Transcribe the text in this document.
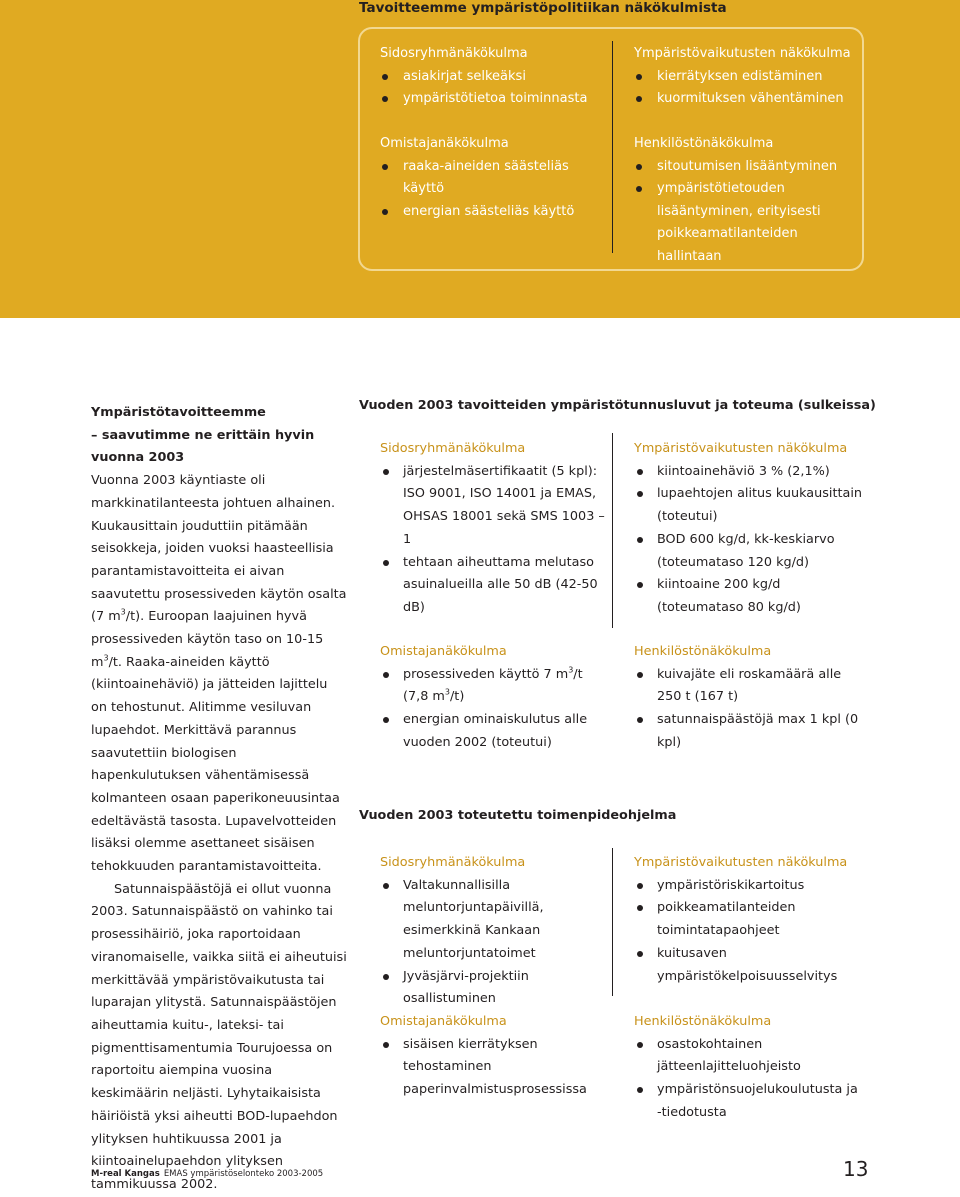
Tavoitteemme ympäristöpolitiikan näkökulmista
Sidosryhmänäkökulma
asiakirjat selkeäksi
ympäristötietoa toiminnasta
Ympäristövaikutusten näkökulma
kierrätyksen edistäminen
kuormituksen vähentäminen
Omistajanäkökulma
raaka-aineiden säästeliäs käyttö
energian säästeliäs käyttö
Henkilöstönäkökulma
sitoutumisen lisääntyminen
ympäristötietouden lisääntyminen, erityisesti poikkeamatilanteiden hallintaan

Ympäristötavoitteemme

– saavutimme ne erittäin hyvin vuonna 2003

Vuonna 2003 käyntiaste oli markkinatilanteesta johtuen alhainen. Kuukausittain jouduttiin pitämään seisokkeja, joiden vuoksi haasteellisia parantamistavoitteita ei aivan saavutettu prosessiveden käytön osalta (7 $m^3/t$). Euroopan laajuinen hyvä prosessiveden käytön taso on 10-15 $m^3/t$. Raaka-aineiden käyttö (kiintoainehäviö) ja jätteiden lajittelu on tehostunut. Alitimme vesiluvan lupaehdot. Merkittävä parannus saavutettiin biologisen hapenkulutuksen vähentämisessä kolmanteen osaan paperikoneuusintaa edeltävästä tasosta. Lupavelvotteiden lisäksi olemme asettaneet sisäisen tehokkuuden parantamistavoitteita.

Satunnaispäästöjä ei ollut vuonna 2003. Satunnaispäästö on vahinko tai prosessihäiriö, joka raportoidaan viranomaiselle, vaikka siitä ei aiheutuisi merkittävää ympäristövaikutusta tai luparajan ylitystä. Satunnaispäästöjen aiheuttamia kuitu-, lateksi- tai pigmenttisamentumia Tourujoessa on raportoitu aiempina vuosina keskimäärin neljästi. Lyhytaikaisista häiriöistä yksi aiheutti BOD-lupaehdon ylityksen huhtikuussa 2001 ja kiintoainelupaehdon ylityksen tammikuussa 2002.

Vuoden 2003 tavoitteiden ympäristötunnusluvut ja toteuma (sulkeissa)
Sidosryhmänäkökulma
järjestelmäsertifikaatit (5 kpl): ISO 9001, ISO 14001 ja EMAS, OHSAS 18001 sekä SMS 1003 – 1
tehtaan aiheuttama melutaso asuinalueilla alle 50 dB (42-50 dB)
Ympäristövaikutusten näkökulma
kiintoainehäviö 3 % (2,1%)
lupaehtojen alitus kuukausittain (toteutui)
BOD 600 kg/d, kk-keskiarvo (toteumataso 120 kg/d)
kiintoaine 200 kg/d (toteumataso 80 kg/d)
Omistajanäkökulma
prosessiveden käyttö 7 $m^3/t$ (7,8 $m^3/t$)
energian ominaiskulutus alle vuoden 2002 (toteutui)
Henkilöstönäkökulma
kuivajäte eli roskamäärä alle 250 t (167 t)
satunnaispäästöjä max 1 kpl (0 kpl)
Vuoden 2003 toteutettu toimenpideohjelma
Sidosryhmänäkökulma
Valtakunnallisilla meluntorjuntapäivillä, esimerkkinä Kankaan meluntorjuntatoimet
Jyväsjärvi-projektiin osallistuminen
Ympäristövaikutusten näkökulma
ympäristöriskikartoitus
poikkeamatilanteiden toimintatapaohjeet
kuitusaven ympäristökelpoisuusselvitys
Omistajanäkökulma
sisäisen kierrätyksen tehostaminen paperinvalmistusprosessissa
Henkilöstönäkökulma
osastokohtainen jätteenlajitteluohjeisto
ympäristönsuojelukoulutusta ja -tiedotusta
M-real Kangas EMAS ympäristöselonteko 2003-2005	13
